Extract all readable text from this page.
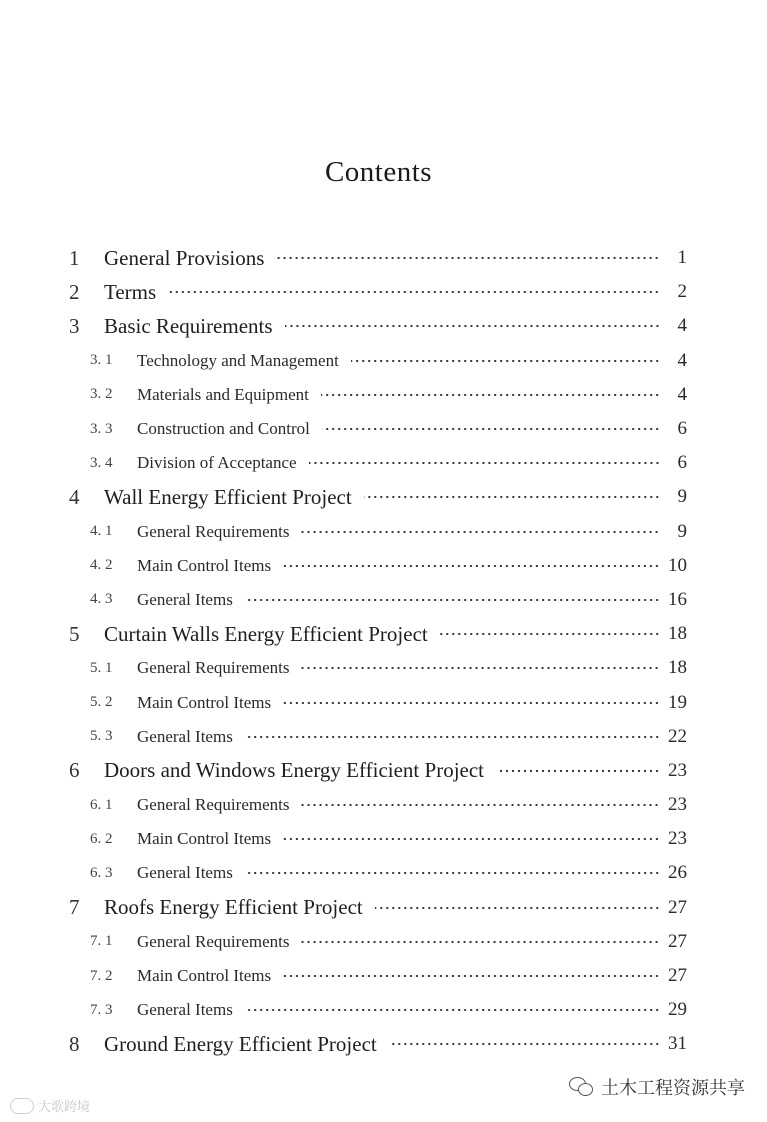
Contents
1 General Provisions	1
2 Terms	2
3 Basic Requirements	4
3. 1 Technology and Management	4
3. 2 Materials and Equipment	4
3. 3 Construction and Control	6
3. 4 Division of Acceptance	6
4 Wall Energy Efficient Project	9
4. 1 General Requirements	9
4. 2 Main Control Items	10
4. 3 General Items	16
5 Curtain Walls Energy Efficient Project	18
5. 1 General Requirements	18
5. 2 Main Control Items	19
5. 3 General Items	22
6 Doors and Windows Energy Efficient Project	23
6. 1 General Requirements	23
6. 2 Main Control Items	23
6. 3 General Items	26
7 Roofs Energy Efficient Project	27
7. 1 General Requirements	27
7. 2 Main Control Items	27
7. 3 General Items	29
8 Ground Energy Efficient Project	31
大歌跨境
土木工程资源共享
